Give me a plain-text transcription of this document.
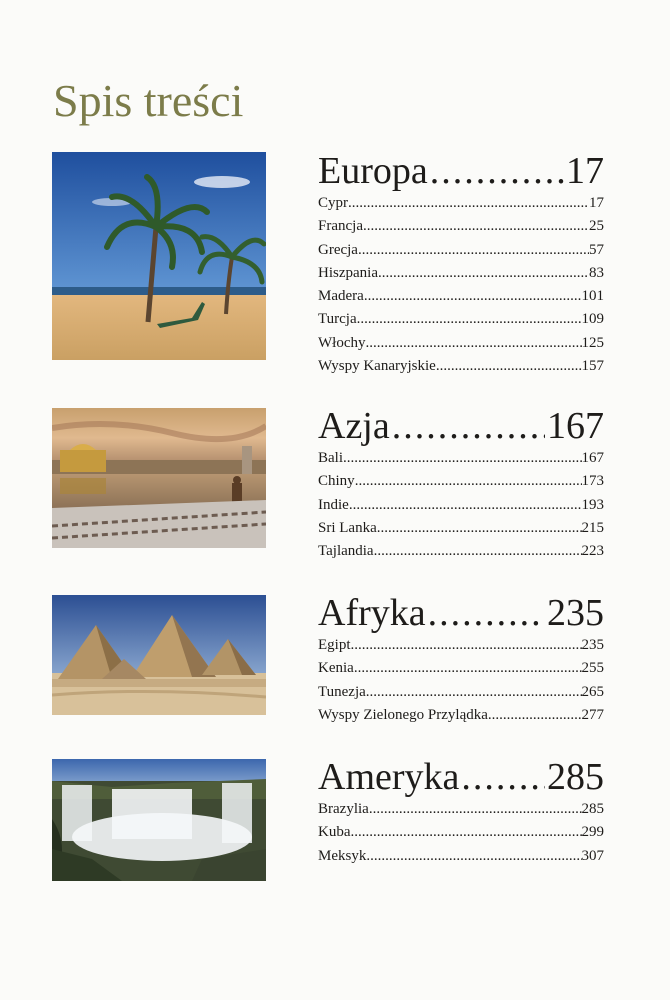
Spis treści
Europa .....	17
Cypr .....	17
Francja .....	25
Grecja .....	57
Hiszpania .....	83
Madera .....	101
Turcja .....	109
Włochy .....	125
Wyspy Kanaryjskie .....	157
Azja .....	167
Bali .....	167
Chiny .....	173
Indie .....	193
Sri Lanka .....	215
Tajlandia .....	223
Afryka .....	235
Egipt .....	235
Kenia .....	255
Tunezja .....	265
Wyspy Zielonego Przylądka .....	277
Ameryka ..... 285
Brazylia .....	285
Kuba .....	299
Meksyk .....	307
